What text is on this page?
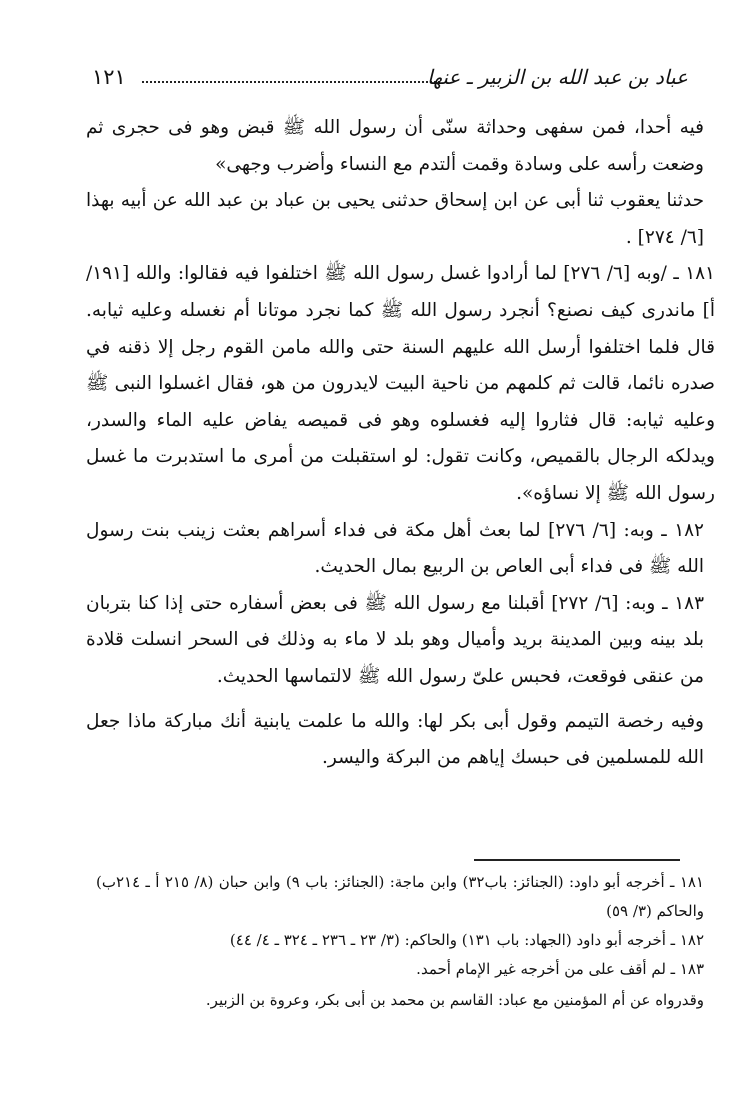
١٢١	عباد بن عبد الله بن الزبير ـ عنها

فيه أحدا، فمن سفهى وحداثة سنّى أن رسول الله ﷺ قبض وهو فى حجرى ثم وضعت رأسه على وسادة وقمت ألتدم مع النساء وأضرب وجهى»

حدثنا يعقوب ثنا أبى عن ابن إسحاق حدثنى يحيى بن عباد بن عبد الله عن أبيه بهذا [٦/ ٢٧٤] .

١٨١ ـ /وبه [٦/ ٢٧٦] لما أرادوا غسل رسول الله ﷺ اختلفوا فيه فقالوا: والله [١٩١/ أ] ماندرى كيف نصنع؟ أنجرد رسول الله ﷺ كما نجرد موتانا أم نغسله وعليه ثيابه. قال فلما اختلفوا أرسل الله عليهم السنة حتى والله مامن القوم رجل إلا ذقنه في صدره نائما، قالت ثم كلمهم من ناحية البيت لايدرون من هو، فقال اغسلوا النبى ﷺ وعليه ثيابه: قال فثاروا إليه فغسلوه وهو فى قميصه يفاض عليه الماء والسدر، ويدلكه الرجال بالقميص، وكانت تقول: لو استقبلت من أمرى ما استدبرت ما غسل رسول الله ﷺ إلا نساؤه».

١٨٢ ـ وبه: [٦/ ٢٧٦] لما بعث أهل مكة فى فداء أسراهم بعثت زينب بنت رسول الله ﷺ فى فداء أبى العاص بن الربيع بمال الحديث.

١٨٣ ـ وبه: [٦/ ٢٧٢] أقبلنا مع رسول الله ﷺ فى بعض أسفاره حتى إذا كنا بتربان بلد بينه وبين المدينة بريد وأميال وهو بلد لا ماء به وذلك فى السحر انسلت قلادة من عنقى فوقعت، فحبس علىّ رسول الله ﷺ لالتماسها الحديث.

وفيه رخصة التيمم وقول أبى بكر لها: والله ما علمت يابنية أنك مباركة ماذا جعل الله للمسلمين فى حبسك إياهم من البركة واليسر.

١٨١ ـ أخرجه أبو داود: (الجنائز: باب٣٢) وابن ماجة: (الجنائز: باب ٩) وابن حبان (٨/ ٢١٥ أ ـ ٢١٤ب) والحاكم (٣/ ٥٩)

١٨٢ ـ أخرجه أبو داود (الجهاد: باب ١٣١) والحاكم: (٣/ ٢٣ ـ ٢٣٦ ـ ٣٢٤ ـ ٤/ ٤٤)

١٨٣ ـ لم أقف على من أخرجه غير الإمام أحمد.

وقدرواه عن أم المؤمنين مع عباد: القاسم بن محمد بن أبى بكر، وعروة بن الزبير.
